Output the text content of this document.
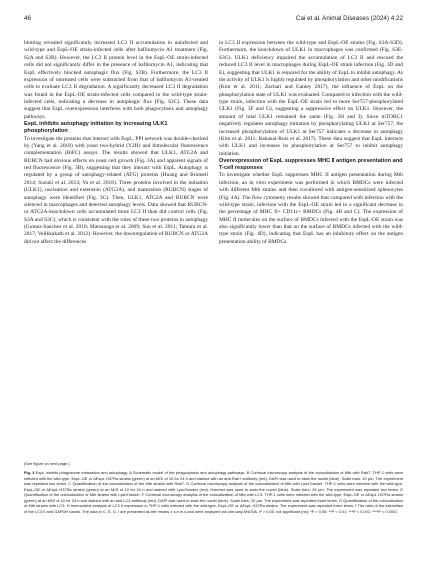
46	Cai et al. Animal Diseases (2024) 4:22

blotting revealed significantly increased LC3 II accumulation in uninfected and wild-type and EspL-OE strain-infected cells after bafilomycin A1 treatment (Fig. S2A and S2B). However, the LC3 II protein level in the EspL-OE strain-infected cells did not significantly differ in the presence of bafilomycin A1, indicating that EspL effectively blocked autophagic flux (Fig. S2B). Furthermore, the LC3 II expression of untreated cells were subtracted from that of bafilomycin A1-treated cells to evaluate LC3 II degradation. A significantly decreased LC3 II degradation was found in the EspL-OE strain-infected cells compared to the wild-type strain-infected cells, indicating a decrease in autophagic flux (Fig. S2C). These data suggest that EspL overexpression interferes with both phagocytosis and autophagy pathways.

EspL inhibits autophagy initiation by increasing ULK1 phosphorylation

To investigate the proteins that interact with EspL, PPI network was double-checked by (Yang et al. 2018) with yeast two-hybrid (Y2H) and bimolecular fluorescence complementation (BiFC) assays. The results showed that ULK1, ATG2A and RUBCN had obvious effects on yeast cell growth (Fig. 3A) and apparent signals of red fluorescence (Fig. 3B), suggesting that they interact with EspL. Autophagy is regulated by a group of autophagy-related (ATG) proteins (Huang and Brumell 2014; Suzuki et al. 2013; Yu et al. 2018). Three proteins involved in the initiation (ULK1), nucleation and extension (ATG2A), and maturation (RUBCN) stages of autophagy were identified (Fig. 3C). Then, ULK1, ATG2A and RUBCN were silenced in macrophages and detected autophagy levels. Data showed that RUBCN- or ATG2A-knockdown cells accumulated more LC3 II than did control cells (Fig. S3A and S3C), which is consistent with the roles of these two proteins in autophagy (Gomez-Sanchez et al. 2018; Matsunaga et al. 2009; Sun et al. 2011; Tamura et al. 2017; Velikkakath et al. 2012). However, the downregulation of RUBCN or ATG2A did not affect the differences

in LC3 II expression between the wild-type and EspL-OE strains (Fig. S3A-S3D). Furthermore, the knockdown of ULK1 in macrophages was confirmed (Fig. S3E-S3G). ULK1 deficiency impaired the accumulation of LC3 II and rescued the reduced LC3 II level in macrophages during EspL-OE strain infection (Fig. 3D and E), suggesting that ULK1 is required for the ability of EspL to inhibit autophagy. As the activity of ULK1 is highly regulated by phosphorylation and other modifications (Kim et al. 2011; Zachari and Ganley 2017), the influence of EspL on the phosphorylation state of ULK1 was evaluated. Compared to infection with the wild-type strain, infection with the EspL-OE strain led to more Ser757-phosphorylated ULK1 (Fig. 3F and G), suggesting a suppressive effect on ULK1. However, the amount of total ULK1 remained the same (Fig. 3H and I). Since mTORC1 negatively regulates autophagy initiation by phosphorylating ULK1 at Ser757, the increased phosphorylation of ULK1 at Ser757 indicates a decrease in autophagy (Kim et al. 2011; Rabanal-Ruiz et al. 2017). These data suggest that EspL interacts with ULK1 and increases its phosphorylation at Ser757 to inhibit autophagy initiation.

Overexpression of EspL suppresses MHC Ⅱ antigen presentation and T-cell responses

To investigate whether EspL suppresses MHC II antigen presentation during Mtb infection, an in vitro experiment was performed in which BMDCs were infected with different Mtb strains and then cocultured with antigen-sensitized splenocytes (Fig. 4A). The flow cytometry results showed that compared with infection with the wild-type strain, infection with the EspL-OE strain led to a significant decrease in the percentage of MHC II+ CD11c+ BMDCs (Fig. 4B and C). The expression of MHC II molecules on the surface of BMDCs infected with the EspL-OE strain was also significantly lower than that on the surface of BMDCs infected with the wild-type strain (Fig. 4D), indicating that EspL has an inhibitory effect on the antigen presentation ability of BMDCs.

(See figure on next page.)
Fig. 3 EspL inhibits phagosome maturation and autophagy. A Schematic model of the phagocytosis and autophagy pathways. B Confocal microscopy analysis of the colocalization of Mtb with Rab7. THP-1 cells were infected with the wild-type, EspL-OE or ΔEspL H37Ra strains (green) at an MOI of 10 for 24 h and stained with an anti-Rab7 antibody (red). DAPI was used to stain the nuclei (blue). Scale bars, 20 μm. The experiment was repeated two times. C Quantification of the colocalization of the Mtb strains with Rab7. D Confocal microscopy analysis of the colocalization of Mtb with LysoTracker. THP-1 cells were infected with the wild-type, EspL-OE or ΔEspL H37Ra strains (green) at an MOI of 10 for 24 h and stained with LysoTracker (red). Hoechst was used to stain the nuclei (blue). Scale bars, 20 μm. The experiment was repeated two times. E Quantification of the colocalization of Mtb strains with LysoTracker. F Confocal microscopy analysis of the colocalization of Mtb with LC3. THP-1 cells were infected with the wild-type, EspL-OE or ΔEspL H37Ra strains (green) at an MOI of 10 for 24 h and stained with an anti-LC3 antibody (red). DAPI was used to stain the nuclei (blue). Scale bars, 20 μm. The experiment was repeated three times. G Quantification of the colocalization of Mtb strains with LC3. H Immunoblot analysis of LC3 II expression in THP-1 cells infected with the wild-type, EspL-OE or ΔEspL H37Ra strains. The experiment was repeated three times. I The ratio of the intensities of the LC3 II and GAPDH bands. The data in C, E, G, I are presented as the means ± s.e.m.s and were analyzed via one-way ANOVA. P > 0.05, not significant (ns); *P < 0.05; **P < 0.01; ***P < 0.001; ****P < 0.0001
